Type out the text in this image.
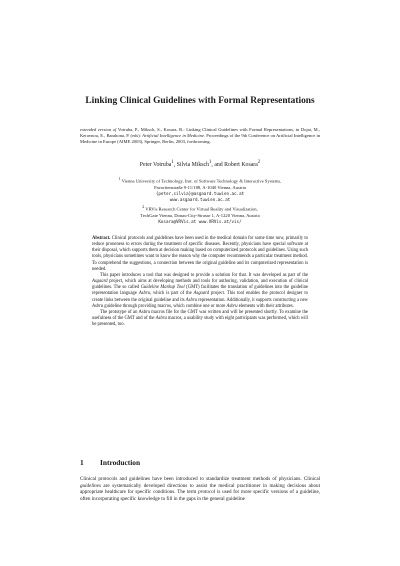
Linking Clinical Guidelines with Formal Representations
extended version of Votruba, P., Miksch, S., Kosara, R.: Linking Clinical Guidelines with Formal Representations, in Dojat, M., Keravnou, E., Barahona, P. (eds): Artificial Intelligence in Medicine. Proceedings of the 9th Conference on Artificial Intelligence in Medicine in Europe (AIME 2003), Springer, Berlin, 2003, forthcoming.
Peter Votruba$^1$, Silvia Miksch$^1$, and Robert Kosara$^2$
$^1$ Vienna University of Technology, Inst. of Software Technology & Interactive Systems,
Favoritenstraße 9-11/188, A-1040 Vienna, Austria
{peter,silvia}@asgaard.tuwien.ac.at
www.asgaard.tuwien.ac.at
$^2$ VRVis Research Center for Virtual Reality and Visualization,
TechGate Vienna, Donau-City-Strasse 1, A-1220 Vienna, Austria
Kosara@VRVis.at www.VRVis.at/vis/

Abstract. Clinical protocols and guidelines have been used in the medical domain for some time now, primarily to reduce proneness to errors during the treatment of specific diseases. Recently, physicians have special software at their disposal, which supports them at decision making based on computerized protocols and guidelines. Using such tools, physicians sometimes want to know the reason why the computer recommends a particular treatment method. To comprehend the suggestions, a connection between the original guideline and its computerized representation is needed.

This paper introduces a tool that was designed to provide a solution for that. It was developed as part of the Asgaard project, which aims at developing methods and tools for authoring, validation, and execution of clinical guidelines. The so called Guideline Markup Tool (GMT) facilitates the translation of guidelines into the guideline representation language Asbru, which is part of the Asgaard project. This tool enables the protocol designer to create links between the original guideline and its Asbru representation. Additionally, it supports constructing a new Asbru guideline through providing macros, which combine one or more Asbru elements with their attributes.

The prototype of an Asbru macros file for the GMT was written and will be presented shortly. To examine the usefulness of the GMT and of the Asbru macros, a usability study with eight participants was performed, which will be presented, too.

1 Introduction

Clinical protocols and guidelines have been introduced to standardize treatment methods of physicians. Clinical guidelines are systematically developed directions to assist the medical practitioner in making decisions about appropriate healthcare for specific conditions. The term protocol is used for more specific versions of a guideline, often incorporating specific knowledge to fill in the gaps in the general guideline
